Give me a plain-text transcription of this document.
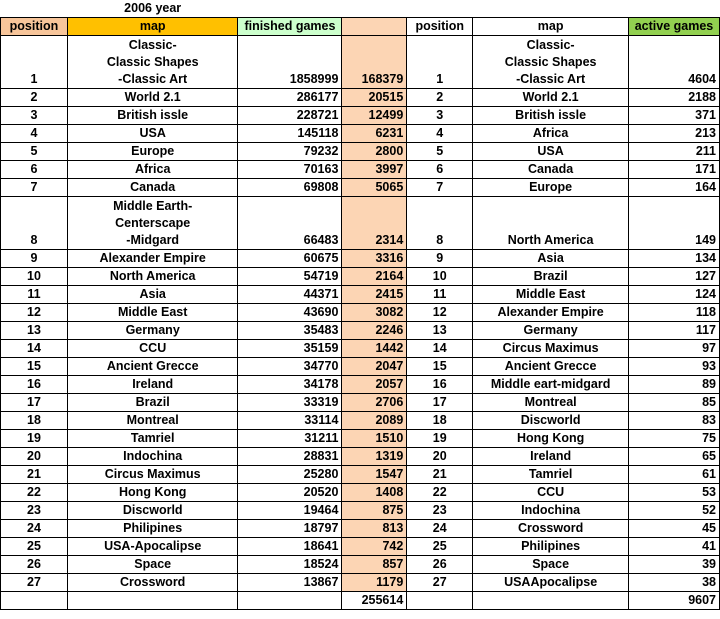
	2006 year					
position	map	finished games		position	map	active games
1	Classic-
Classic Shapes
-Classic Art	1858999	168379	1	Classic-
Classic Shapes
-Classic Art	4604
2	World 2.1	286177	20515	2	World 2.1	2188
3	British issle	228721	12499	3	British issle	371
4	USA	145118	6231	4	Africa	213
5	Europe	79232	2800	5	USA	211
6	Africa	70163	3997	6	Canada	171
7	Canada	69808	5065	7	Europe	164
8	Middle Earth-
Centerscape
-Midgard	66483	2314	8	North America	149
9	Alexander Empire	60675	3316	9	Asia	134
10	North America	54719	2164	10	Brazil	127
11	Asia	44371	2415	11	Middle East	124
12	Middle East	43690	3082	12	Alexander Empire	118
13	Germany	35483	2246	13	Germany	117
14	CCU	35159	1442	14	Circus Maximus	97
15	Ancient Grecce	34770	2047	15	Ancient Grecce	93
16	Ireland	34178	2057	16	Middle eart-midgard	89
17	Brazil	33319	2706	17	Montreal	85
18	Montreal	33114	2089	18	Discworld	83
19	Tamriel	31211	1510	19	Hong Kong	75
20	Indochina	28831	1319	20	Ireland	65
21	Circus Maximus	25280	1547	21	Tamriel	61
22	Hong Kong	20520	1408	22	CCU	53
23	Discworld	19464	875	23	Indochina	52
24	Philipines	18797	813	24	Crossword	45
25	USA-Apocalipse	18641	742	25	Philipines	41
26	Space	18524	857	26	Space	39
27	Crossword	13867	1179	27	USAApocalipse	38
			255614			9607
